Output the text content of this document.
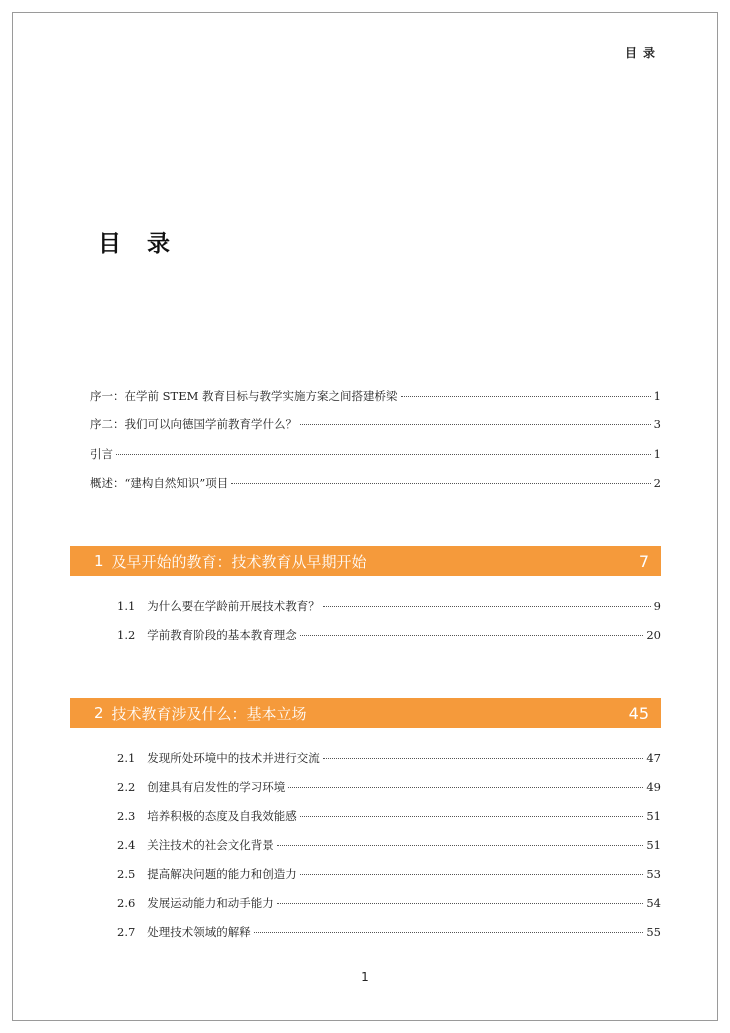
目录
目 录
序一：在学前 STEM 教育目标与教学实施方案之间搭建桥梁	1
序二：我们可以向德国学前教育学什么？	3
引言	1
概述：“建构自然知识”项目	2
1 及早开始的教育：技术教育从早期开始	7
1.1 为什么要在学龄前开展技术教育？	9
1.2 学前教育阶段的基本教育理念	20
2 技术教育涉及什么：基本立场	45
2.1 发现所处环境中的技术并进行交流	47
2.2 创建具有启发性的学习环境	49
2.3 培养积极的态度及自我效能感	51
2.4 关注技术的社会文化背景	51
2.5 提高解决问题的能力和创造力	53
2.6 发展运动能力和动手能力	54
2.7 处理技术领域的解释	55
1
